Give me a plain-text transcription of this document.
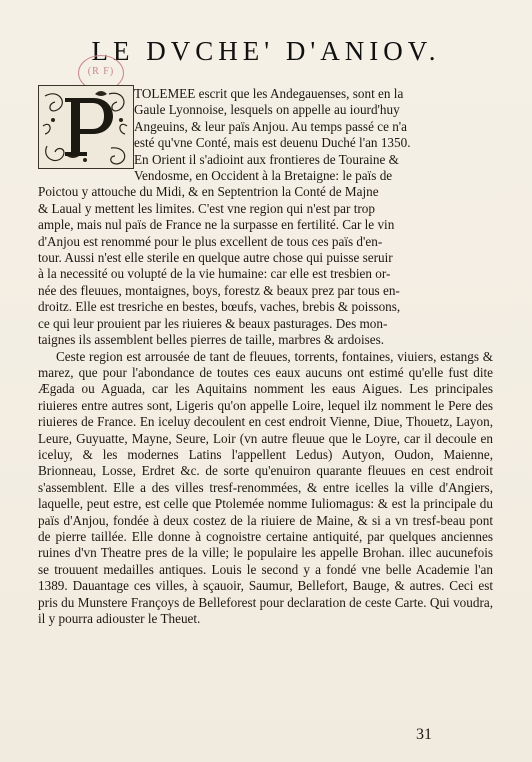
LE DVCHE' D'ANIOV.
(R F)
TOLEMEE escrit que les Andegauenses, sont en la
Gaule Lyonnoise, lesquels on appelle au iourd'huy
Angeuins, & leur païs Anjou. Au temps passé ce n'a
esté qu'vne Conté, mais est deuenu Duché l'an 1350.
En Orient il s'adioint aux frontieres de Touraine &
Vendosme, en Occident à la Bretaigne: le païs de
Poictou y attouche du Midi, & en Septentrion la Conté de Majne
& Laual y mettent les limites. C'est vne region qui n'est par trop
ample, mais nul païs de France ne la surpasse en fertilité. Car le vin
d'Anjou est renommé pour le plus excellent de tous ces païs d'en-
tour. Aussi n'est elle sterile en quelque autre chose qui puisse seruir
à la necessité ou volupté de la vie humaine: car elle est tresbien or-
née des fleuues, montaignes, boys, forestz & beaux prez par tous en-
droitz. Elle est tresriche en bestes, bœufs, vaches, brebis & poissons,
ce qui leur prouient par les riuieres & beaux pasturages. Des mon-
taignes ils assemblent belles pierres de taille, marbres & ardoises.
Ceste region est arrousée de tant de fleuues, torrents, fontaines, viuiers, estangs & marez, que pour l'abondance de toutes ces eaux aucuns ont estimé qu'elle fust dite Ægada ou Aguada, car les Aquitains nomment les eaus Aigues. Les principales riuieres entre autres sont, Ligeris qu'on appelle Loire, lequel ilz nomment le Pere des riuieres de France. En iceluy decoulent en cest endroit Vienne, Diue, Thouetz, Layon, Leure, Guyuatte, Mayne, Seure, Loir (vn autre fleuue que le Loyre, car il decoule en iceluy, & les modernes Latins l'appellent Ledus) Autyon, Oudon, Maienne, Brionneau, Losse, Erdret &c. de sorte qu'enuiron quarante fleuues en cest endroit s'assemblent. Elle a des villes tresf-renommées, & entre icelles la ville d'Angiers, laquelle, peut estre, est celle que Ptolemée nomme Iuliomagus: & est la principale du païs d'Anjou, fondée à deux costez de la riuiere de Maine, & si a vn tresf-beau pont de pierre taillée. Elle donne à cognoistre certaine antiquité, par quelques anciennes ruines d'vn Theatre pres de la ville; le populaire les appelle Brohan. illec aucunefois se trouuent medailles antiques. Louis le second y a fondé vne belle Academie l'an 1389. Dauantage ces villes, à sçauoir, Saumur, Bellefort, Bauge, & autres. Ceci est pris du Munstere Françoys de Belleforest pour declaration de ceste Carte. Qui voudra, il y pourra adiouster le Theuet.
31
